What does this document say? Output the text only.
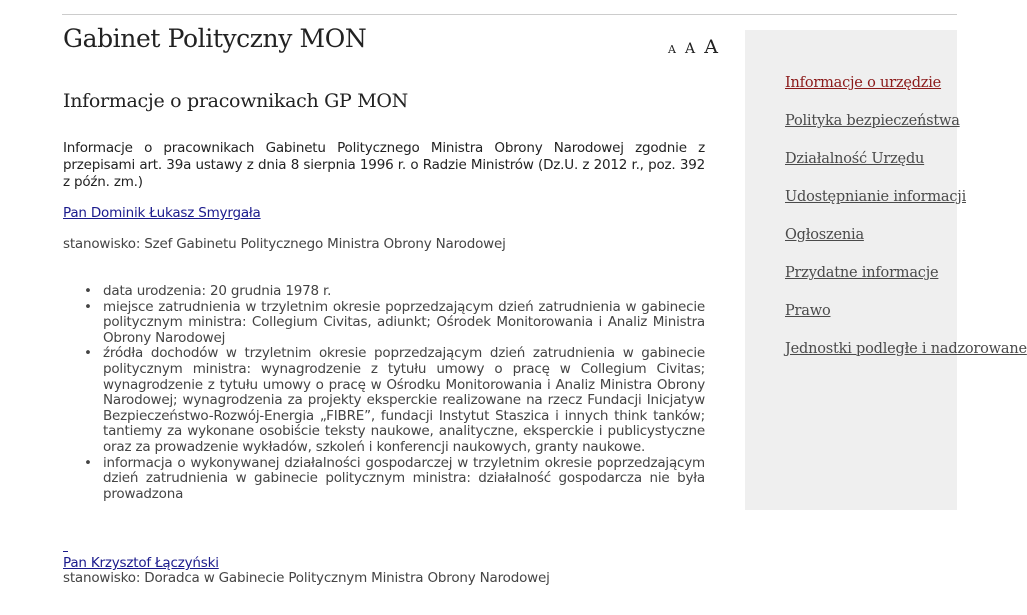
Gabinet Polityczny MON	A A A
Informacje o pracownikach GP MON

Informacje o pracownikach Gabinetu Politycznego Ministra Obrony Narodowej zgodnie z przepisami art. 39a ustawy z dnia 8 sierpnia 1996 r. o Radzie Ministrów (Dz.U. z 2012 r., poz. 392 z późn. zm.)

Pan Dominik Łukasz Smyrgała

stanowisko: Szef Gabinetu Politycznego Ministra Obrony Narodowej

• data urodzenia: 20 grudnia 1978 r.
• miejsce zatrudnienia w trzyletnim okresie poprzedzającym dzień zatrudnienia w gabinecie politycznym ministra: Collegium Civitas, adiunkt; Ośrodek Monitorowania i Analiz Ministra Obrony Narodowej
• źródła dochodów w trzyletnim okresie poprzedzającym dzień zatrudnienia w gabinecie politycznym ministra: wynagrodzenie z tytułu umowy o pracę w Collegium Civitas; wynagrodzenie z tytułu umowy o pracę w Ośrodku Monitorowania i Analiz Ministra Obrony Narodowej; wynagrodzenia za projekty eksperckie realizowane na rzecz Fundacji Inicjatyw Bezpieczeństwo-Rozwój-Energia „FIBRE”, fundacji Instytut Staszica i innych think tanków; tantiemy za wykonane osobiście teksty naukowe, analityczne, eksperckie i publicystyczne oraz za prowadzenie wykładów, szkoleń i konferencji naukowych, granty naukowe.
• informacja o wykonywanej działalności gospodarczej w trzyletnim okresie poprzedzającym dzień zatrudnienia w gabinecie politycznym ministra: działalność gospodarcza nie była prowadzona
Pan Krzysztof Łączyński

stanowisko: Doradca w Gabinecie Politycznym Ministra Obrony Narodowej

Informacje o urzędzie
Polityka bezpieczeństwa
Działalność Urzędu
Udostępnianie informacji
Ogłoszenia
Przydatne informacje
Prawo
Jednostki podległe i nadzorowane
